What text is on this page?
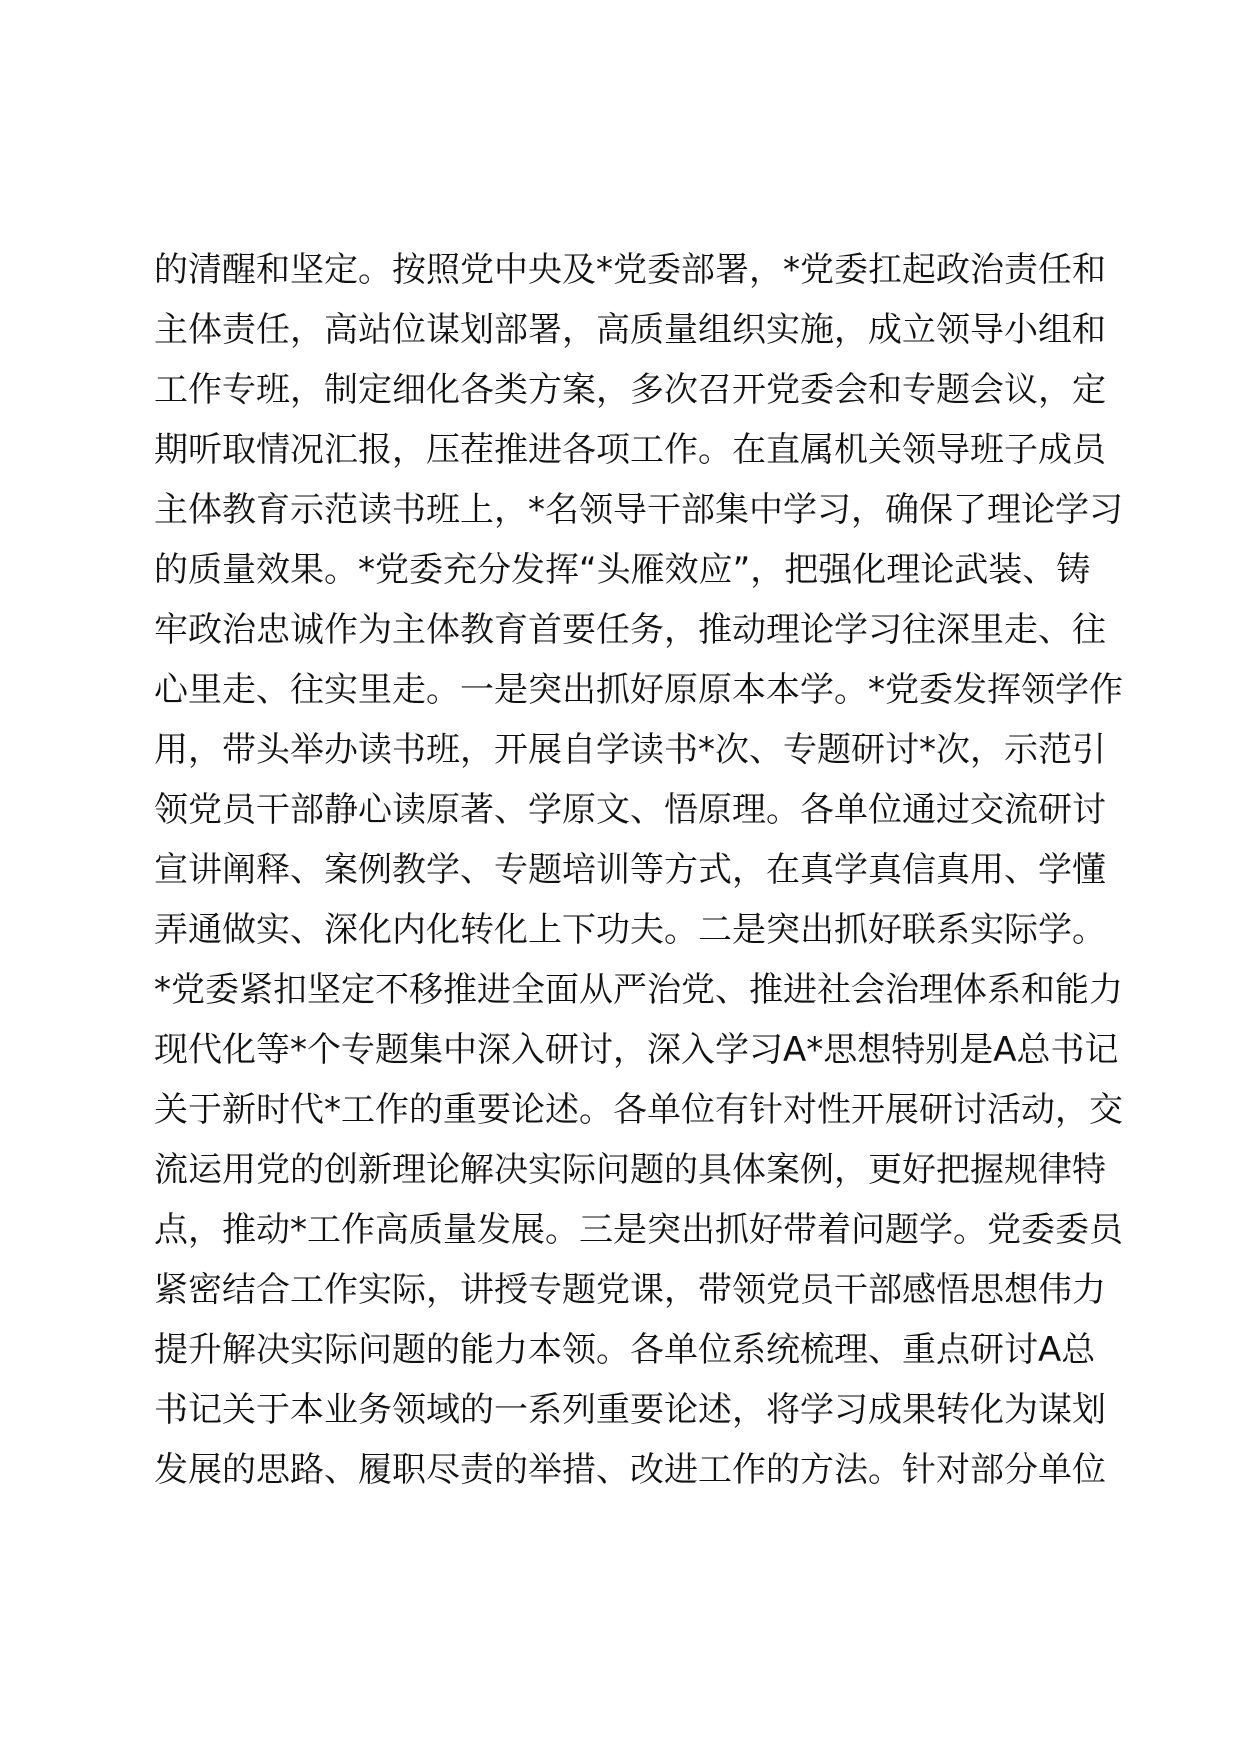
的清醒和坚定。按照党中央及*党委部署，*党委扛起政治责任和

主体责任，高站位谋划部署，高质量组织实施，成立领导小组和

工作专班，制定细化各类方案，多次召开党委会和专题会议，定

期听取情况汇报，压茬推进各项工作。在直属机关领导班子成员

主体教育示范读书班上，*名领导干部集中学习，确保了理论学习

的质量效果。*党委充分发挥“头雁效应”，把强化理论武装、铸

牢政治忠诚作为主体教育首要任务，推动理论学习往深里走、往

心里走、往实里走。一是突出抓好原原本本学。*党委发挥领学作

用，带头举办读书班，开展自学读书*次、专题研讨*次，示范引

领党员干部静心读原著、学原文、悟原理。各单位通过交流研讨

宣讲阐释、案例教学、专题培训等方式，在真学真信真用、学懂

弄通做实、深化内化转化上下功夫。二是突出抓好联系实际学。

*党委紧扣坚定不移推进全面从严治党、推进社会治理体系和能力

现代化等*个专题集中深入研讨，深入学习A*思想特别是A总书记

关于新时代*工作的重要论述。各单位有针对性开展研讨活动，交

流运用党的创新理论解决实际问题的具体案例，更好把握规律特

点，推动*工作高质量发展。三是突出抓好带着问题学。党委委员

紧密结合工作实际，讲授专题党课，带领党员干部感悟思想伟力

提升解决实际问题的能力本领。各单位系统梳理、重点研讨A总

书记关于本业务领域的一系列重要论述，将学习成果转化为谋划

发展的思路、履职尽责的举措、改进工作的方法。针对部分单位
